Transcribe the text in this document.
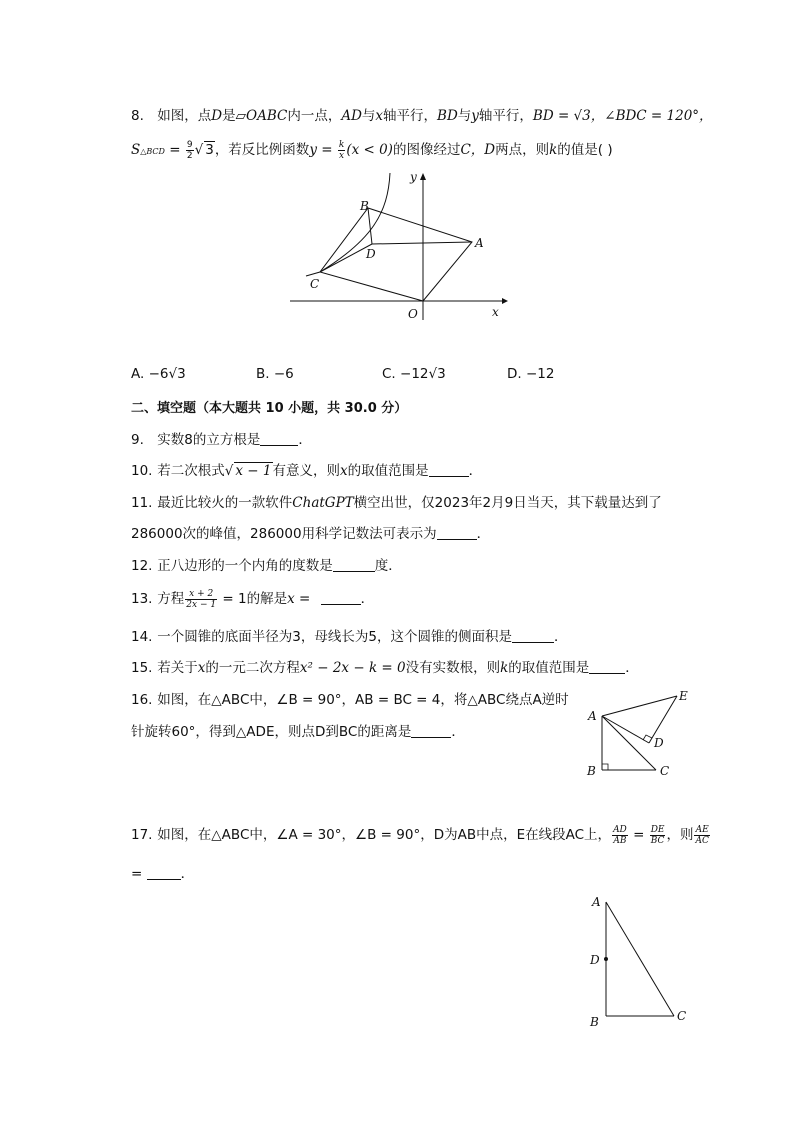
8. 如图，点D是▱OABC内一点，AD与x轴平行，BD与y轴平行，BD = √3，∠BDC = 120°，
S△BCD = $\frac{9}{2}$ √ 3，若反比例函数$y = \frac{k}{x} (x < 0)$的图像经过C，D两点，则k的值是( )
B
D
A
C
O	x
y
A. −6√3	B. −6	C. −12√3	D. −12
二、填空题（本大题共 10 小题，共 30.0 分）
9. 实数8的立方根是	．
10. 若二次根式√ x − 1有意义，则x的取值范围是	．
11. 最近比较火的一款软件ChatGPT横空出世，仅2023年2月9日当天，其下载量达到了
286000次的峰值，286000用科学记数法可表示为	．
12. 正八边形的一个内角的度数是	度．
13. 方程 $\frac{x + 2}{2x - 1} = 1$的解是x =	．
14. 一个圆锥的底面半径为3，母线长为5，这个圆锥的侧面积是	．
15. 若关于x的一元二次方程x² − 2x − k = 0没有实数根，则k的取值范围是	．
16. 如图，在△ABC中，∠B = 90°，AB = BC = 4，将△ABC绕点A逆时
针旋转60°，得到△ADE，则点D到BC的距离是	．
A
B	C
D
E
17. 如图，在△ABC中，∠A = 30°，∠B = 90°，D为AB中点，E在线段AC上， $\frac{AD}{AB} = \frac{DE}{BC}$ ，则 $\frac{AE}{AC}$
=	．
A
D
B	C
